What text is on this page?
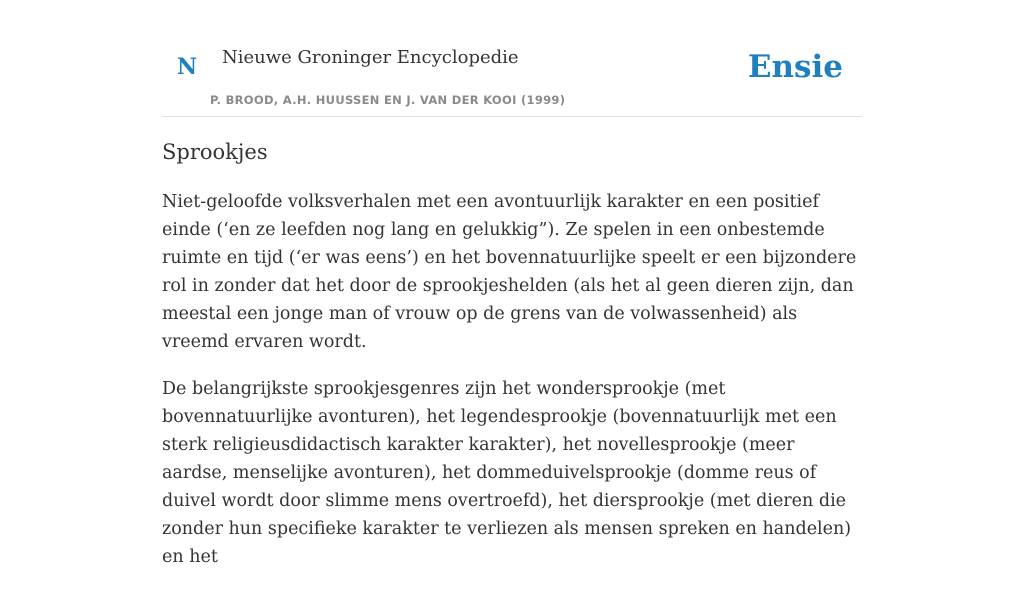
N Nieuwe Groninger Encyclopedie
P. BROOD, A.H. HUUSSEN EN J. VAN DER KOOI (1999)
Ensie
Sprookjes

Niet-geloofde volksverhalen met een avontuurlijk karakter en een positief einde (‘en ze leefden nog lang en gelukkig”). Ze spelen in een onbestemde ruimte en tijd (‘er was eens’) en het bovennatuurlijke speelt er een bijzondere rol in zonder dat het door de sprookjeshelden (als het al geen dieren zijn, dan meestal een jonge man of vrouw op de grens van de volwassenheid) als vreemd ervaren wordt.

De belangrijkste sprookjesgenres zijn het wondersprookje (met bovennatuurlijke avonturen), het legendesprookje (bovennatuurlijk met een sterk religieusdidactisch karakter karakter), het novellesprookje (meer aardse, menselijke avonturen), het dommeduivelsprookje (domme reus of duivel wordt door slimme mens overtroefd), het diersprookje (met dieren die zonder hun specifieke karakter te verliezen als mensen spreken en handelen) en het
